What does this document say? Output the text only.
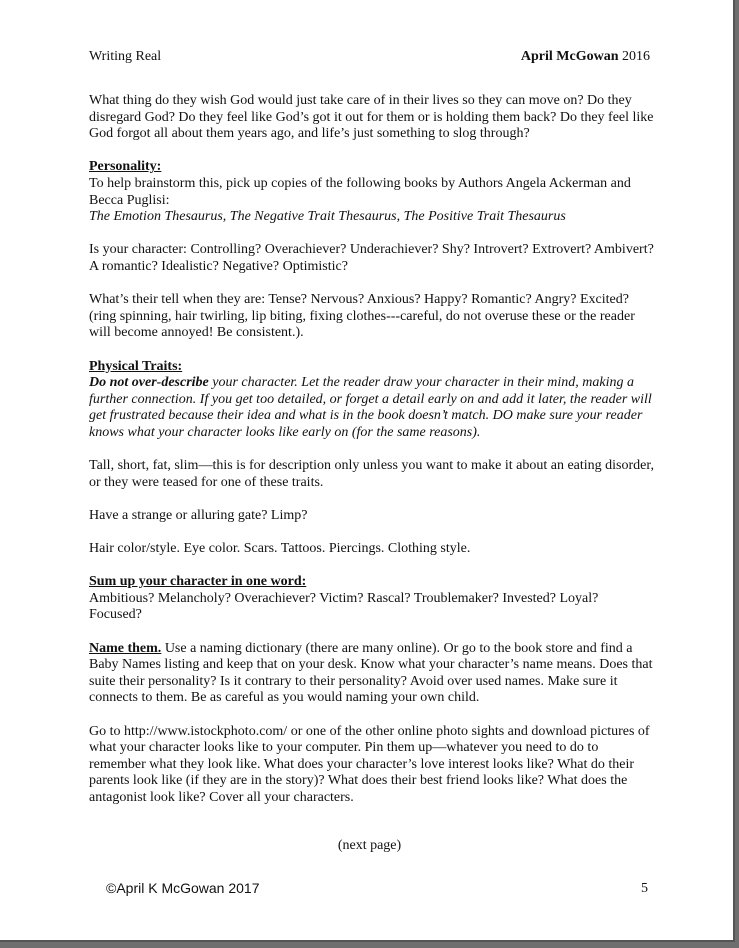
Writing Real	April McGowan 2016

What thing do they wish God would just take care of in their lives so they can move on? Do they disregard God? Do they feel like God’s got it out for them or is holding them back? Do they feel like God forgot all about them years ago, and life’s just something to slog through?

Personality:
To help brainstorm this, pick up copies of the following books by Authors Angela Ackerman and Becca Puglisi:
The Emotion Thesaurus, The Negative Trait Thesaurus, The Positive Trait Thesaurus

Is your character: Controlling? Overachiever? Underachiever? Shy? Introvert? Extrovert? Ambivert? A romantic? Idealistic? Negative? Optimistic?

What’s their tell when they are: Tense? Nervous? Anxious? Happy? Romantic? Angry? Excited? (ring spinning, hair twirling, lip biting, fixing clothes---careful, do not overuse these or the reader will become annoyed! Be consistent.).

Physical Traits:
Do not over-describe your character. Let the reader draw your character in their mind, making a further connection. If you get too detailed, or forget a detail early on and add it later, the reader will get frustrated because their idea and what is in the book doesn’t match. DO make sure your reader knows what your character looks like early on (for the same reasons).

Tall, short, fat, slim—this is for description only unless you want to make it about an eating disorder, or they were teased for one of these traits.

Have a strange or alluring gate? Limp?

Hair color/style. Eye color. Scars. Tattoos. Piercings. Clothing style.

Sum up your character in one word:
Ambitious? Melancholy? Overachiever? Victim? Rascal? Troublemaker? Invested? Loyal? Focused?

Name them. Use a naming dictionary (there are many online). Or go to the book store and find a Baby Names listing and keep that on your desk. Know what your character’s name means. Does that suite their personality? Is it contrary to their personality? Avoid over used names. Make sure it connects to them. Be as careful as you would naming your own child.

Go to http://www.istockphoto.com/ or one of the other online photo sights and download pictures of what your character looks like to your computer. Pin them up—whatever you need to do to remember what they look like. What does your character’s love interest looks like? What do their parents look like (if they are in the story)? What does their best friend looks like? What does the antagonist look like? Cover all your characters.

(next page)
©April K McGowan 2017	5
